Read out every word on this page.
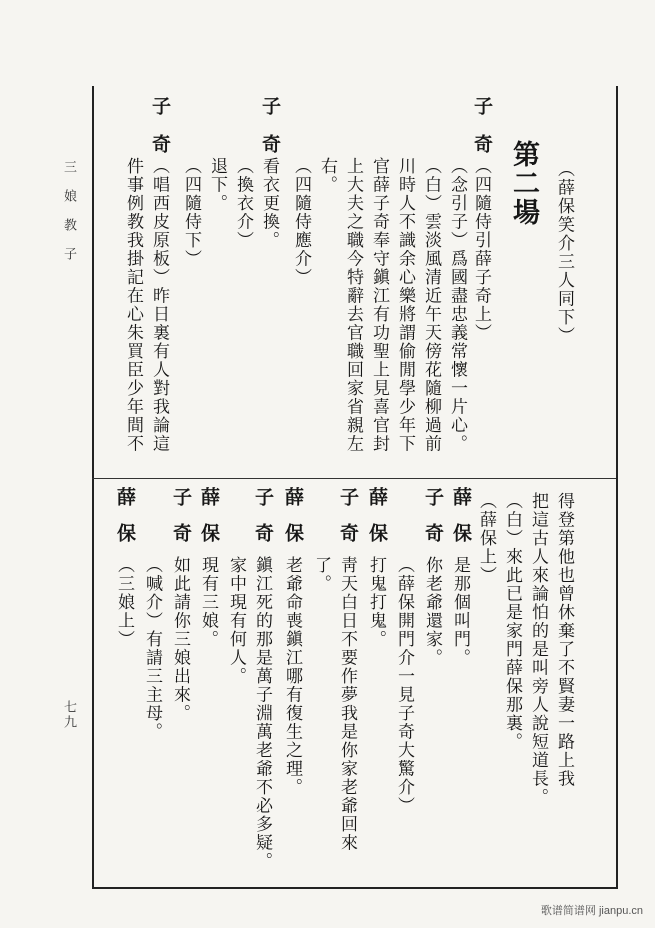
三娘教子
七九
（薛保笑介三人同下）
第二場
子
奇
（四隨侍引薛子奇上）
（念引子）爲國盡忠義常懷一片心。
（白）雲淡風清近午天傍花隨柳過前
川時人不識余心樂將謂偷閒學少年下
官薛子奇奉守鎭江有功聖上見喜官封
上大夫之職今特辭去官職回家省親左
右。
（四隨侍應介）
子
奇
看衣更換。
（換衣介）
退下。
（四隨侍下）
子
奇
（唱西皮原板）昨日裏有人對我論這
件事例教我掛記在心朱買臣少年間不
得登第他也曾休棄了不賢妻一路上我
把這古人來論怕的是叫旁人說短道長。
（白）來此已是家門薛保那裏。
（薛保上）
薛
保
是那個叫門。
子
奇
你老爺還家。
（薛保開門介一見子奇大驚介）
薛
保
打鬼打鬼。
子
奇
靑天白日不要作夢我是你家老爺回來
了。
薛
保
老爺命喪鎭江哪有復生之理。
子
奇
鎭江死的那是萬子淵萬老爺不必多疑。
家中現有何人。
薛
保
現有三娘。
子
奇
如此請你三娘出來。
（喊介）有請三主母。
薛
保
（三娘上）
歌谱简谱网 jianpu.cn
